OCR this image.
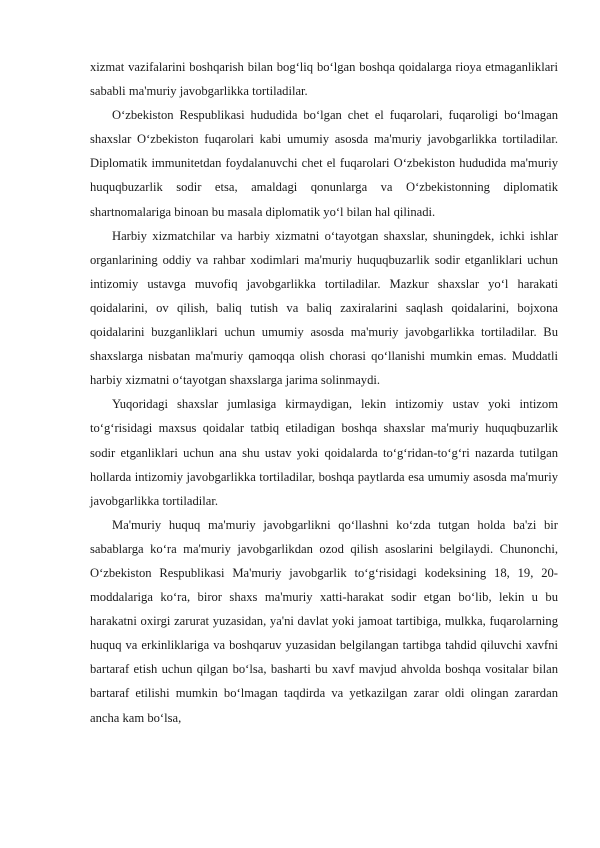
xizmat vazifalarini boshqarish bilan bog‘liq bo‘lgan boshqa qoidalarga rioya etmaganliklari sababli ma'muriy javobgarlikka tortiladilar.

O‘zbekiston Respublikasi hududida bo‘lgan chet el fuqarolari, fuqaroligi bo‘lmagan shaxslar O‘zbekiston fuqarolari kabi umumiy asosda ma'muriy javobgarlikka tortiladilar. Diplomatik immunitetdan foydalanuvchi chet el fuqarolari O‘zbekiston hududida ma'muriy huquqbuzarlik sodir etsa, amaldagi qonunlarga va O‘zbekistonning diplomatik shartnomalariga binoan bu masala diplomatik yo‘l bilan hal qilinadi.

Harbiy xizmatchilar va harbiy xizmatni o‘tayotgan shaxslar, shuningdek, ichki ishlar organlarining oddiy va rahbar xodimlari ma'muriy huquqbuzarlik sodir etganliklari uchun intizomiy ustavga muvofiq javobgarlikka tortiladilar. Mazkur shaxslar yo‘l harakati qoidalarini, ov qilish, baliq tutish va baliq zaxiralarini saqlash qoidalarini, bojxona qoidalarini buzganliklari uchun umumiy asosda ma'muriy javobgarlikka tortiladilar. Bu shaxslarga nisbatan ma'muriy qamoqqa olish chorasi qo‘llanishi mumkin emas. Muddatli harbiy xizmatni o‘tayotgan shaxslarga jarima solinmaydi.

Yuqoridagi shaxslar jumlasiga kirmaydigan, lekin intizomiy ustav yoki intizom to‘g‘risidagi maxsus qoidalar tatbiq etiladigan boshqa shaxslar ma'muriy huquqbuzarlik sodir etganliklari uchun ana shu ustav yoki qoidalarda to‘g‘ridan-to‘g‘ri nazarda tutilgan hollarda intizomiy javobgarlikka tortiladilar, boshqa paytlarda esa umumiy asosda ma'muriy javobgarlikka tortiladilar.

Ma'muriy huquq ma'muriy javobgarlikni qo‘llashni ko‘zda tutgan holda ba'zi bir sabablarga ko‘ra ma'muriy javobgarlikdan ozod qilish asoslarini belgilaydi. Chunonchi, O‘zbekiston Respublikasi Ma'muriy javobgarlik to‘g‘risidagi kodeksining 18, 19, 20-moddalariga ko‘ra, biror shaxs ma'muriy xatti-harakat sodir etgan bo‘lib, lekin u bu harakatni oxirgi zarurat yuzasidan, ya'ni davlat yoki jamoat tartibiga, mulkka, fuqarolarning huquq va erkinliklariga va boshqaruv yuzasidan belgilangan tartibga tahdid qiluvchi xavfni bartaraf etish uchun qilgan bo‘lsa, basharti bu xavf mavjud ahvolda boshqa vositalar bilan bartaraf etilishi mumkin bo‘lmagan taqdirda va yetkazilgan zarar oldi olingan zarardan ancha kam bo‘lsa,
